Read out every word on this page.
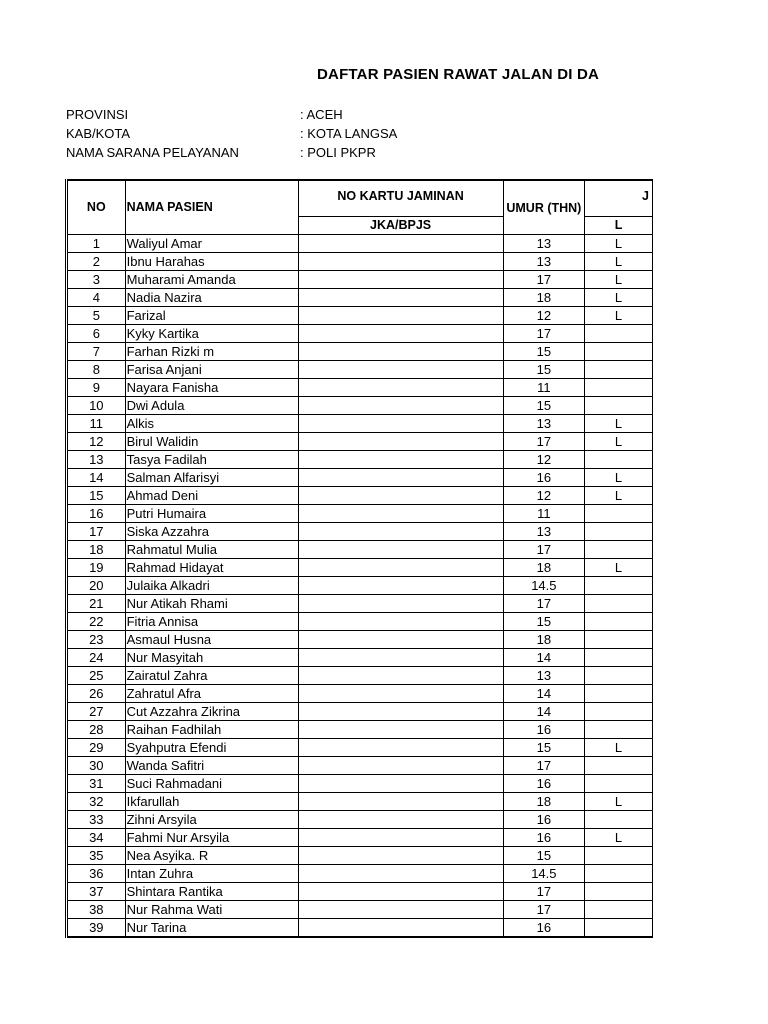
DAFTAR PASIEN RAWAT JALAN DI DA
PROVINSI	: ACEH
KAB/KOTA	: KOTA LANGSA
NAMA SARANA PELAYANAN	: POLI PKPR
NO	NAMA PASIEN	NO KARTU JAMINAN	UMUR (THN)	J
		JKA/BPJS		L
1	Waliyul Amar		13	L
2	Ibnu Harahas		13	L
3	Muharami Amanda		17	L
4	Nadia Nazira		18	L
5	Farizal		12	L
6	Kyky Kartika		17	
7	Farhan Rizki m		15	
8	Farisa Anjani		15	
9	Nayara Fanisha		11	
10	Dwi Adula		15	
11	Alkis		13	L
12	Birul Walidin		17	L
13	Tasya Fadilah		12	
14	Salman Alfarisyi		16	L
15	Ahmad Deni		12	L
16	Putri Humaira		11	
17	Siska Azzahra		13	
18	Rahmatul Mulia		17	
19	Rahmad Hidayat		18	L
20	Julaika Alkadri		14.5	
21	Nur Atikah Rhami		17	
22	Fitria Annisa		15	
23	Asmaul Husna		18	
24	Nur Masyitah		14	
25	Zairatul Zahra		13	
26	Zahratul Afra		14	
27	Cut Azzahra Zikrina		14	
28	Raihan Fadhilah		16	
29	Syahputra Efendi		15	L
30	Wanda Safitri		17	
31	Suci Rahmadani		16	
32	Ikfarullah		18	L
33	Zihni Arsyila		16	
34	Fahmi Nur Arsyila		16	L
35	Nea Asyika. R		15	
36	Intan Zuhra		14.5	
37	Shintara Rantika		17	
38	Nur Rahma Wati		17	
39	Nur Tarina		16	
